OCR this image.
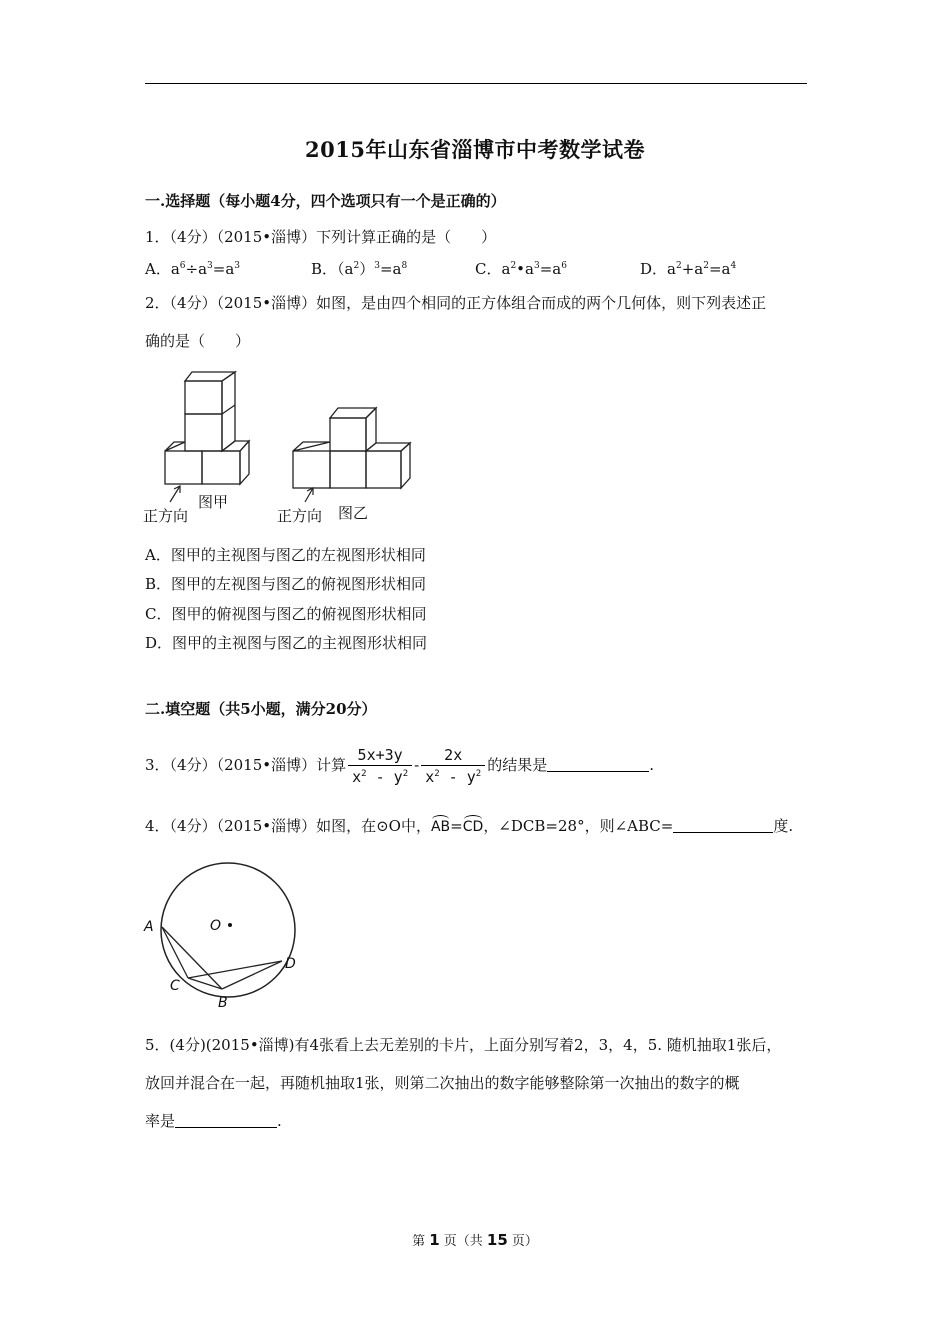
2015年山东省淄博市中考数学试卷
一.选择题（每小题4分，四个选项只有一个是正确的）
1．（4分）（2015•淄博）下列计算正确的是（　　）
A．$a^6\div a^3=a^3$	B．$(a^2)^3=a^8$	C．$a^2•a^3=a^6$	D．$a^2+a^2=a^4$
2．（4分）（2015•淄博）如图，是由四个相同的正方体组合而成的两个几何体，则下列表述正
确的是（　　）
正方向
图甲
正方向 图乙
A．图甲的主视图与图乙的左视图形状相同
B．图甲的左视图与图乙的俯视图形状相同
C．图甲的俯视图与图乙的俯视图形状相同
D．图甲的主视图与图乙的主视图形状相同
二.填空题（共5小题，满分20分）
3．（4分）（2015•淄博）计算 $\frac{5x+3y}{x^2 - y^2} - \frac{2x}{x^2 - y^2}$ 的结果是	.
4．（4分）（2015•淄博）如图，在⊙O中，AB=CD，∠DCB=28°，则∠ABC=	度.
A	O
D
C
B
5．(4分)(2015•淄博)有4张看上去无差别的卡片，上面分别写着2，3，4，5. 随机抽取1张后，
放回并混合在一起，再随机抽取1张，则第二次抽出的数字能够整除第一次抽出的数字的概
率是	.
第 1 页（共 15 页）
